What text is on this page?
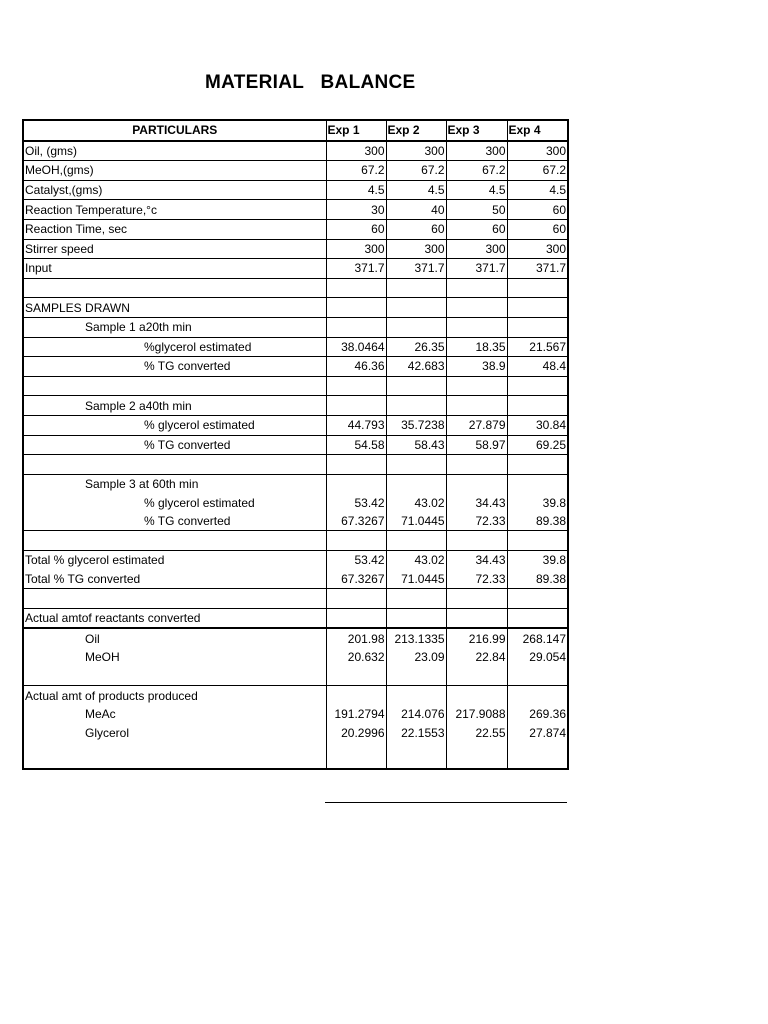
MATERIAL   BALANCE
PARTICULARS	Exp 1	Exp 2	Exp 3	Exp 4
Oil, (gms)	300	300	300	300
MeOH,(gms)	67.2	67.2	67.2	67.2
Catalyst,(gms)	4.5	4.5	4.5	4.5
Reaction Temperature,°c	30	40	50	60
Reaction Time, sec	60	60	60	60
Stirrer speed	300	300	300	300
Input	371.7	371.7	371.7	371.7

SAMPLES DRAWN				
Sample 1 a20th min				
%glycerol estimated	38.0464	26.35	18.35	21.567
% TG converted	46.36	42.683	38.9	48.4

Sample 2 a40th min				
% glycerol estimated	44.793	35.7238	27.879	30.84
% TG converted	54.58	58.43	58.97	69.25

Sample 3 at 60th min				
% glycerol estimated	53.42	43.02	34.43	39.8
% TG converted	67.3267	71.0445	72.33	89.38

Total % glycerol estimated	53.42	43.02	34.43	39.8
Total % TG converted	67.3267	71.0445	72.33	89.38

Actual amtof reactants converted				
Oil	201.98	213.1335	216.99	268.147
MeOH	20.632	23.09	22.84	29.054

Actual amt of products produced				
MeAc	191.2794	214.076	217.9088	269.36
Glycerol	20.2996	22.1553	22.55	27.874
